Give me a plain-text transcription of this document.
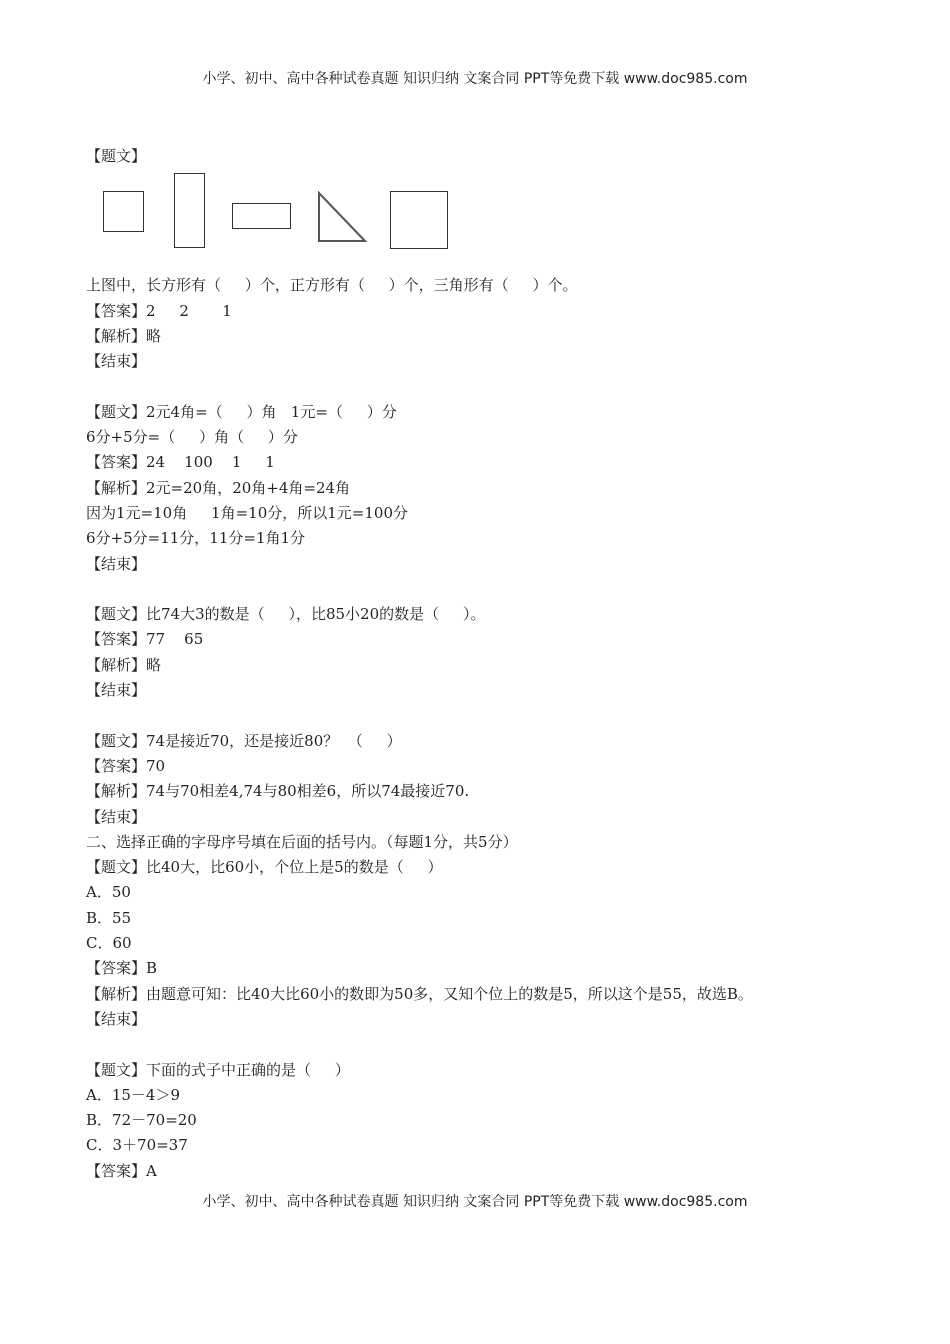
小学、初中、高中各种试卷真题 知识归纳 文案合同 PPT等免费下载 www.doc985.com
【题文】
上图中，长方形有（     ）个，正方形有（     ）个，三角形有（     ）个。
【答案】2     2       1
【解析】略
【结束】
【题文】2元4角=（     ）角   1元=（     ）分
6分+5分=（     ）角（     ）分
【答案】24    100    1     1
【解析】2元=20角，20角+4角=24角
因为1元=10角     1角=10分，所以1元=100分
6分+5分=11分，11分=1角1分
【结束】
【题文】比74大3的数是（     ），比85小20的数是（     ）。
【答案】77    65
【解析】略
【结束】
【题文】74是接近70，还是接近80？  （     ）
【答案】70
【解析】74与70相差4,74与80相差6，所以74最接近70.
【结束】
二、选择正确的字母序号填在后面的括号内。（每题1分，共5分）
【题文】比40大，比60小，个位上是5的数是（     ）
A．50
B．55
C．60
【答案】B
【解析】由题意可知：比40大比60小的数即为50多，又知个位上的数是5，所以这个是55，故选B。
【结束】
【题文】下面的式子中正确的是（     ）
A．15－4＞9
B．72－70=20
C．3＋70=37
【答案】A
小学、初中、高中各种试卷真题 知识归纳 文案合同 PPT等免费下载 www.doc985.com
